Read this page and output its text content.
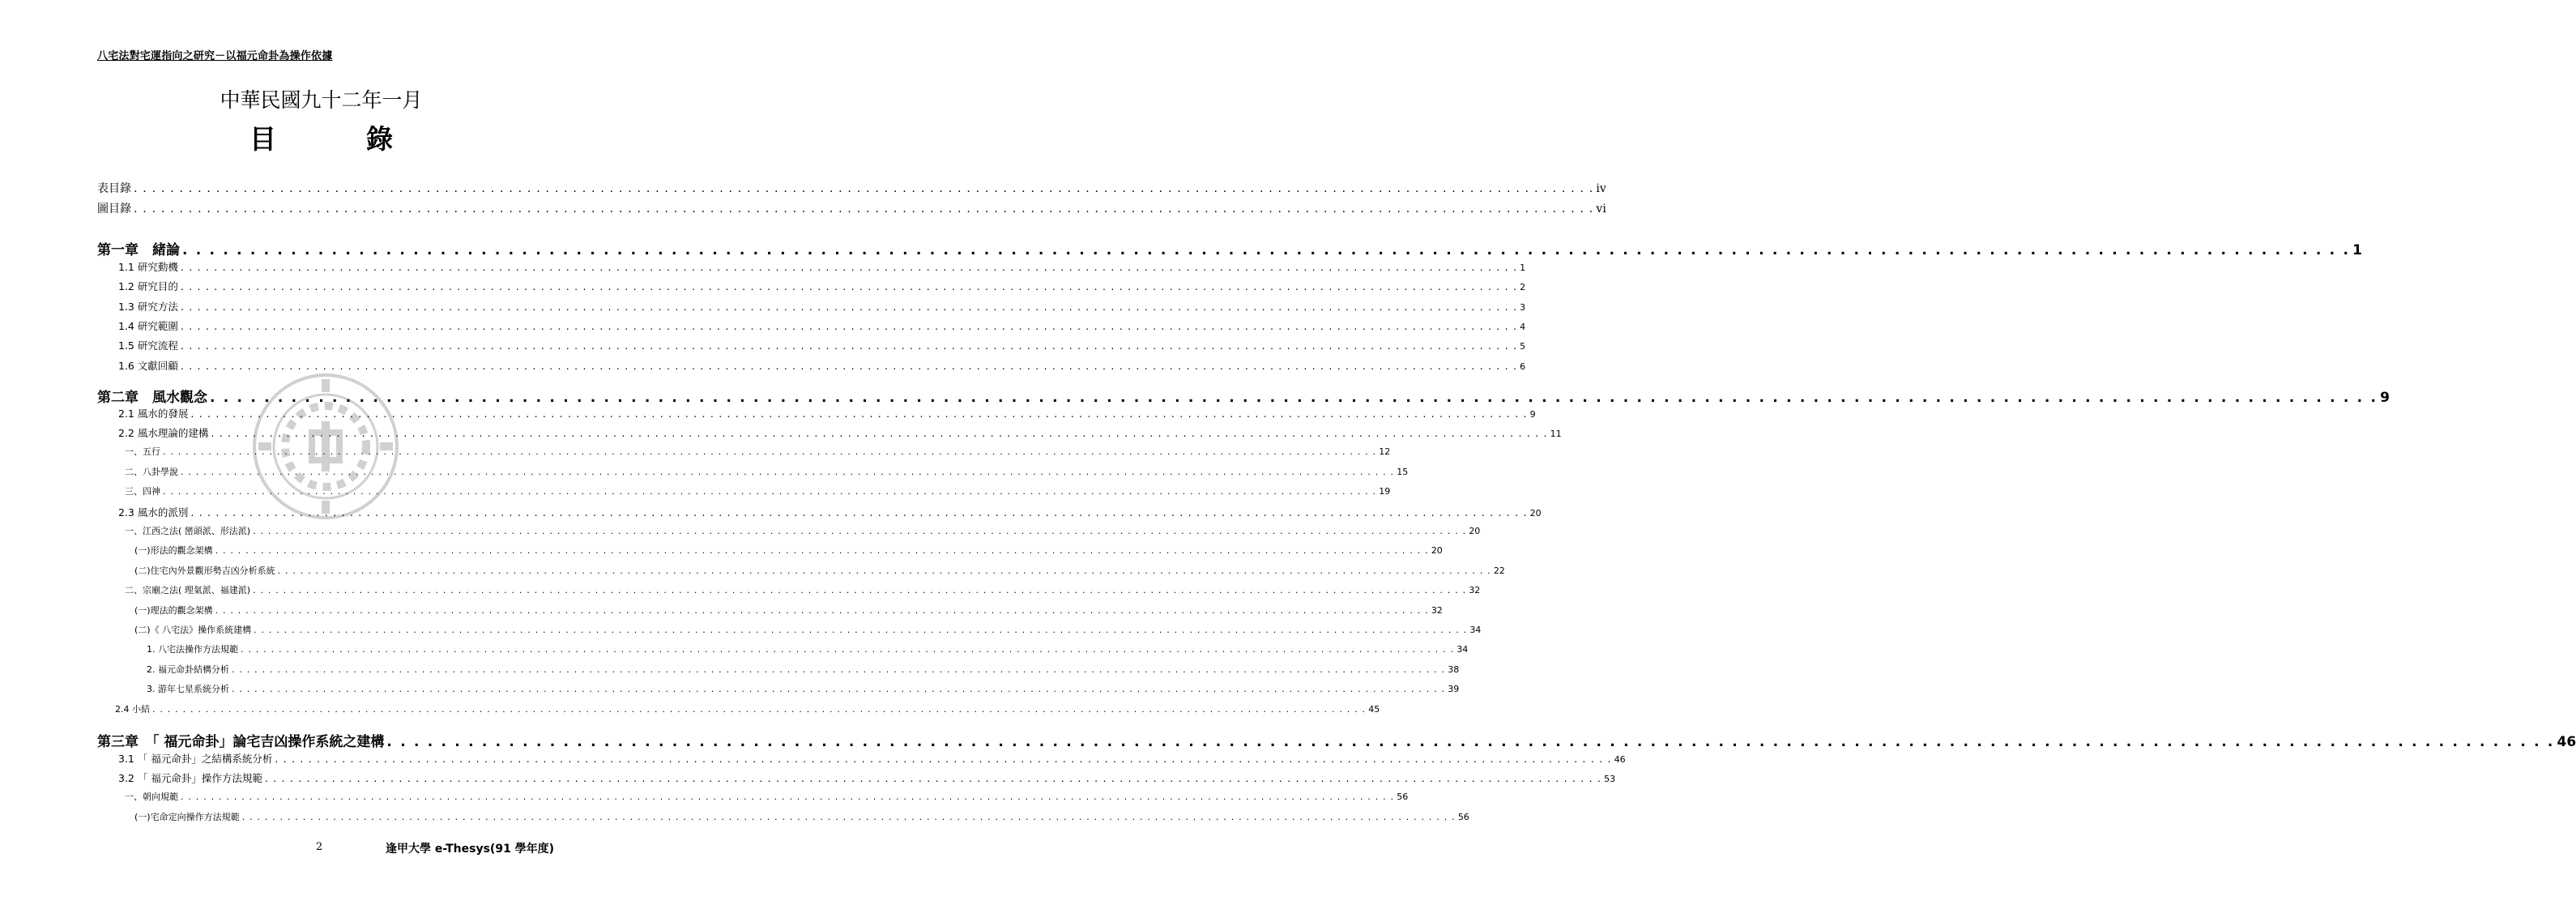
八宅法對宅運指向之研究－以福元命卦為操作依據
中華民國九十二年一月
目	錄
表目錄 . . . . . . . . . . . . . . . . . . . . . . . . . . . . . . . . . . . . . . . . . . . . . . . . . . . . . . . . . . . . . . . . . . . . . . . . . . . . . . . . . . . . . . . . . . . . . . . . . . . . . . . . . . . . . . . . . . . . . . . . . . . . . . . . . . . . . . . . . . . . . . . . . . . . . . . . . . . . . . . . iv
圖目錄 . . . . . . . . . . . . . . . . . . . . . . . . . . . . . . . . . . . . . . . . . . . . . . . . . . . . . . . . . . . . . . . . . . . . . . . . . . . . . . . . . . . . . . . . . . . . . . . . . . . . . . . . . . . . . . . . . . . . . . . . . . . . . . . . . . . . . . . . . . . . . . . . . . . . . . . . . . . . . . . . vi
第一章　緒論 . . . . . . . . . . . . . . . . . . . . . . . . . . . . . . . . . . . . . . . . . . . . . . . . . . . . . . . . . . . . . . . . . . . . . . . . . . . . . . . . . . . . . . . . . . . . . . . . . . . . . . . . . . . . . . . . . . . . . . . . . . . . . . . . . . . . . . . . . . . . . . . . . . . . . . . . . . . . . . . . 1
1.1 研究動機 . . . . . . . . . . . . . . . . . . . . . . . . . . . . . . . . . . . . . . . . . . . . . . . . . . . . . . . . . . . . . . . . . . . . . . . . . . . . . . . . . . . . . . . . . . . . . . . . . . . . . . . . . . . . . . . . . . . . . . . . . . . . . . . . . . . . . . . . . . . . . . . . . . . . . . . . . . . . . . . . 1
1.2 研究目的 . . . . . . . . . . . . . . . . . . . . . . . . . . . . . . . . . . . . . . . . . . . . . . . . . . . . . . . . . . . . . . . . . . . . . . . . . . . . . . . . . . . . . . . . . . . . . . . . . . . . . . . . . . . . . . . . . . . . . . . . . . . . . . . . . . . . . . . . . . . . . . . . . . . . . . . . . . . . . . . . 2
1.3 研究方法 . . . . . . . . . . . . . . . . . . . . . . . . . . . . . . . . . . . . . . . . . . . . . . . . . . . . . . . . . . . . . . . . . . . . . . . . . . . . . . . . . . . . . . . . . . . . . . . . . . . . . . . . . . . . . . . . . . . . . . . . . . . . . . . . . . . . . . . . . . . . . . . . . . . . . . . . . . . . . . . . 3
1.4 研究範圍 . . . . . . . . . . . . . . . . . . . . . . . . . . . . . . . . . . . . . . . . . . . . . . . . . . . . . . . . . . . . . . . . . . . . . . . . . . . . . . . . . . . . . . . . . . . . . . . . . . . . . . . . . . . . . . . . . . . . . . . . . . . . . . . . . . . . . . . . . . . . . . . . . . . . . . . . . . . . . . . . 4
1.5 研究流程 . . . . . . . . . . . . . . . . . . . . . . . . . . . . . . . . . . . . . . . . . . . . . . . . . . . . . . . . . . . . . . . . . . . . . . . . . . . . . . . . . . . . . . . . . . . . . . . . . . . . . . . . . . . . . . . . . . . . . . . . . . . . . . . . . . . . . . . . . . . . . . . . . . . . . . . . . . . . . . . . 5
1.6 文獻回顧 . . . . . . . . . . . . . . . . . . . . . . . . . . . . . . . . . . . . . . . . . . . . . . . . . . . . . . . . . . . . . . . . . . . . . . . . . . . . . . . . . . . . . . . . . . . . . . . . . . . . . . . . . . . . . . . . . . . . . . . . . . . . . . . . . . . . . . . . . . . . . . . . . . . . . . . . . . . . . . . . 6
第二章　風水觀念 . . . . . . . . . . . . . . . . . . . . . . . . . . . . . . . . . . . . . . . . . . . . . . . . . . . . . . . . . . . . . . . . . . . . . . . . . . . . . . . . . . . . . . . . . . . . . . . . . . . . . . . . . . . . . . . . . . . . . . . . . . . . . . . . . . . . . . . . . . . . . . . . . . . . . . . . . . . . . . . . 9
2.1 風水的發展 . . . . . . . . . . . . . . . . . . . . . . . . . . . . . . . . . . . . . . . . . . . . . . . . . . . . . . . . . . . . . . . . . . . . . . . . . . . . . . . . . . . . . . . . . . . . . . . . . . . . . . . . . . . . . . . . . . . . . . . . . . . . . . . . . . . . . . . . . . . . . . . . . . . . . . . . . . . . . . . . 9
2.2 風水理論的建構 . . . . . . . . . . . . . . . . . . . . . . . . . . . . . . . . . . . . . . . . . . . . . . . . . . . . . . . . . . . . . . . . . . . . . . . . . . . . . . . . . . . . . . . . . . . . . . . . . . . . . . . . . . . . . . . . . . . . . . . . . . . . . . . . . . . . . . . . . . . . . . . . . . . . . . . . . . . . . . . . 11
一、五行 . . . . . . . . . . . . . . . . . . . . . . . . . . . . . . . . . . . . . . . . . . . . . . . . . . . . . . . . . . . . . . . . . . . . . . . . . . . . . . . . . . . . . . . . . . . . . . . . . . . . . . . . . . . . . . . . . . . . . . . . . . . . . . . . . . . . . . . . . . . . . . . . . . . . . . . . . . . . . . . . 12
二、八卦學說 . . . . . . . . . . . . . . . . . . . . . . . . . . . . . . . . . . . . . . . . . . . . . . . . . . . . . . . . . . . . . . . . . . . . . . . . . . . . . . . . . . . . . . . . . . . . . . . . . . . . . . . . . . . . . . . . . . . . . . . . . . . . . . . . . . . . . . . . . . . . . . . . . . . . . . . . . . . . . . . . 15
三、四神 . . . . . . . . . . . . . . . . . . . . . . . . . . . . . . . . . . . . . . . . . . . . . . . . . . . . . . . . . . . . . . . . . . . . . . . . . . . . . . . . . . . . . . . . . . . . . . . . . . . . . . . . . . . . . . . . . . . . . . . . . . . . . . . . . . . . . . . . . . . . . . . . . . . . . . . . . . . . . . . . 19
2.3 風水的派別 . . . . . . . . . . . . . . . . . . . . . . . . . . . . . . . . . . . . . . . . . . . . . . . . . . . . . . . . . . . . . . . . . . . . . . . . . . . . . . . . . . . . . . . . . . . . . . . . . . . . . . . . . . . . . . . . . . . . . . . . . . . . . . . . . . . . . . . . . . . . . . . . . . . . . . . . . . . . . . . . 20
一、江西之法( 巒頭派、形法派) . . . . . . . . . . . . . . . . . . . . . . . . . . . . . . . . . . . . . . . . . . . . . . . . . . . . . . . . . . . . . . . . . . . . . . . . . . . . . . . . . . . . . . . . . . . . . . . . . . . . . . . . . . . . . . . . . . . . . . . . . . . . . . . . . . . . . . . . . . . . . . . . . . . . . . . . . . . . . . . . 20
(一)形法的觀念架構 . . . . . . . . . . . . . . . . . . . . . . . . . . . . . . . . . . . . . . . . . . . . . . . . . . . . . . . . . . . . . . . . . . . . . . . . . . . . . . . . . . . . . . . . . . . . . . . . . . . . . . . . . . . . . . . . . . . . . . . . . . . . . . . . . . . . . . . . . . . . . . . . . . . . . . . . . . . . . . . . 20
(二)住宅內外景觀形勢吉凶分析系統 . . . . . . . . . . . . . . . . . . . . . . . . . . . . . . . . . . . . . . . . . . . . . . . . . . . . . . . . . . . . . . . . . . . . . . . . . . . . . . . . . . . . . . . . . . . . . . . . . . . . . . . . . . . . . . . . . . . . . . . . . . . . . . . . . . . . . . . . . . . . . . . . . . . . . . . . . . . . . . . . 22
二、宗廟之法( 理氣派、福建派) . . . . . . . . . . . . . . . . . . . . . . . . . . . . . . . . . . . . . . . . . . . . . . . . . . . . . . . . . . . . . . . . . . . . . . . . . . . . . . . . . . . . . . . . . . . . . . . . . . . . . . . . . . . . . . . . . . . . . . . . . . . . . . . . . . . . . . . . . . . . . . . . . . . . . . . . . . . . . . . . 32
(一)理法的觀念架構 . . . . . . . . . . . . . . . . . . . . . . . . . . . . . . . . . . . . . . . . . . . . . . . . . . . . . . . . . . . . . . . . . . . . . . . . . . . . . . . . . . . . . . . . . . . . . . . . . . . . . . . . . . . . . . . . . . . . . . . . . . . . . . . . . . . . . . . . . . . . . . . . . . . . . . . . . . . . . . . . 32
(二)《 八宅法》操作系統建構 . . . . . . . . . . . . . . . . . . . . . . . . . . . . . . . . . . . . . . . . . . . . . . . . . . . . . . . . . . . . . . . . . . . . . . . . . . . . . . . . . . . . . . . . . . . . . . . . . . . . . . . . . . . . . . . . . . . . . . . . . . . . . . . . . . . . . . . . . . . . . . . . . . . . . . . . . . . . . . . . 34
1. 八宅法操作方法規範 . . . . . . . . . . . . . . . . . . . . . . . . . . . . . . . . . . . . . . . . . . . . . . . . . . . . . . . . . . . . . . . . . . . . . . . . . . . . . . . . . . . . . . . . . . . . . . . . . . . . . . . . . . . . . . . . . . . . . . . . . . . . . . . . . . . . . . . . . . . . . . . . . . . . . . . . . . . . . . . . 34
2. 福元命卦結構分析 . . . . . . . . . . . . . . . . . . . . . . . . . . . . . . . . . . . . . . . . . . . . . . . . . . . . . . . . . . . . . . . . . . . . . . . . . . . . . . . . . . . . . . . . . . . . . . . . . . . . . . . . . . . . . . . . . . . . . . . . . . . . . . . . . . . . . . . . . . . . . . . . . . . . . . . . . . . . . . . . 38
3. 游年七星系統分析 . . . . . . . . . . . . . . . . . . . . . . . . . . . . . . . . . . . . . . . . . . . . . . . . . . . . . . . . . . . . . . . . . . . . . . . . . . . . . . . . . . . . . . . . . . . . . . . . . . . . . . . . . . . . . . . . . . . . . . . . . . . . . . . . . . . . . . . . . . . . . . . . . . . . . . . . . . . . . . . . 39
2.4 小結 . . . . . . . . . . . . . . . . . . . . . . . . . . . . . . . . . . . . . . . . . . . . . . . . . . . . . . . . . . . . . . . . . . . . . . . . . . . . . . . . . . . . . . . . . . . . . . . . . . . . . . . . . . . . . . . . . . . . . . . . . . . . . . . . . . . . . . . . . . . . . . . . . . . . . . . . . . . . . . . . 45
第三章　「 福元命卦」論宅吉凶操作系統之建構 . . . . . . . . . . . . . . . . . . . . . . . . . . . . . . . . . . . . . . . . . . . . . . . . . . . . . . . . . . . . . . . . . . . . . . . . . . . . . . . . . . . . . . . . . . . . . . . . . . . . . . . . . . . . . . . . . . . . . . . . . . . . . . . . . . . . . . . . . . . . . . . . . . . . . . . . . . . . . . . . 46
3.1 「 福元命卦」之結構系統分析 . . . . . . . . . . . . . . . . . . . . . . . . . . . . . . . . . . . . . . . . . . . . . . . . . . . . . . . . . . . . . . . . . . . . . . . . . . . . . . . . . . . . . . . . . . . . . . . . . . . . . . . . . . . . . . . . . . . . . . . . . . . . . . . . . . . . . . . . . . . . . . . . . . . . . . . . . . . . . . . . 46
3.2 「 福元命卦」操作方法規範 . . . . . . . . . . . . . . . . . . . . . . . . . . . . . . . . . . . . . . . . . . . . . . . . . . . . . . . . . . . . . . . . . . . . . . . . . . . . . . . . . . . . . . . . . . . . . . . . . . . . . . . . . . . . . . . . . . . . . . . . . . . . . . . . . . . . . . . . . . . . . . . . . . . . . . . . . . . . . . . . 53
一、朝向規範 . . . . . . . . . . . . . . . . . . . . . . . . . . . . . . . . . . . . . . . . . . . . . . . . . . . . . . . . . . . . . . . . . . . . . . . . . . . . . . . . . . . . . . . . . . . . . . . . . . . . . . . . . . . . . . . . . . . . . . . . . . . . . . . . . . . . . . . . . . . . . . . . . . . . . . . . . . . . . . . . 56
(一)宅命定向操作方法規範 . . . . . . . . . . . . . . . . . . . . . . . . . . . . . . . . . . . . . . . . . . . . . . . . . . . . . . . . . . . . . . . . . . . . . . . . . . . . . . . . . . . . . . . . . . . . . . . . . . . . . . . . . . . . . . . . . . . . . . . . . . . . . . . . . . . . . . . . . . . . . . . . . . . . . . . . . . . . . . . . 56
2	逢甲大學 e-Thesys(91 學年度)
